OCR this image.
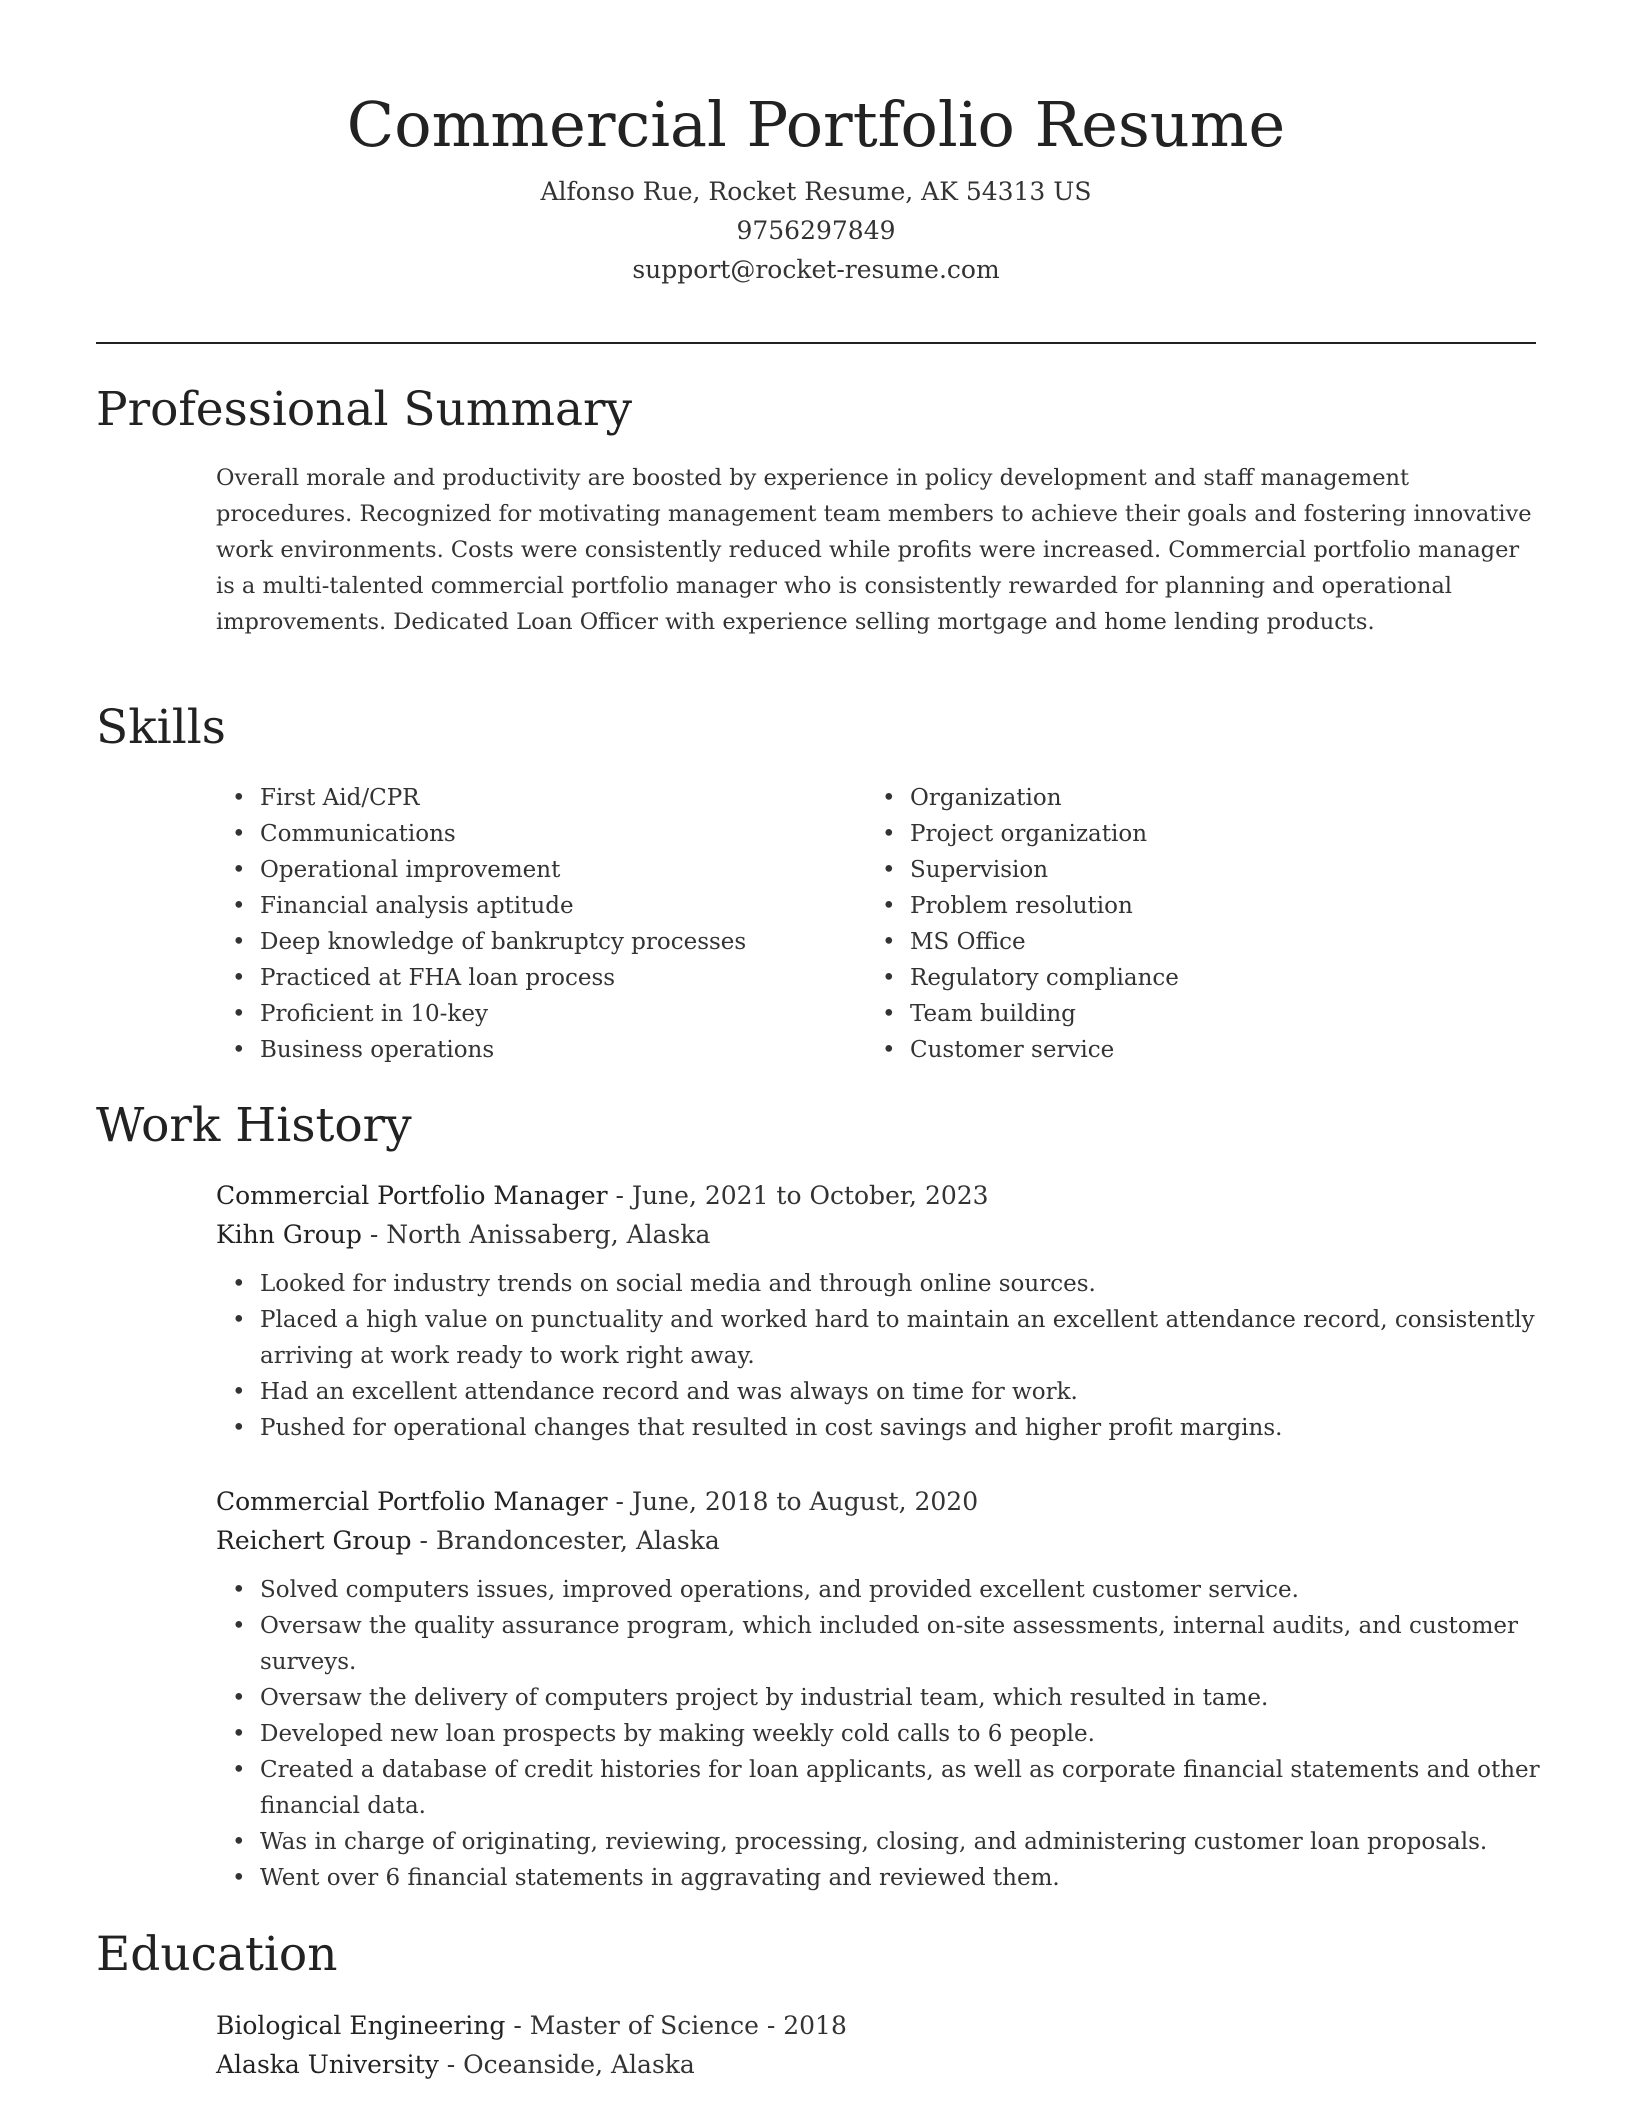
Commercial Portfolio Resume
Alfonso Rue, Rocket Resume, AK 54313 US
9756297849
support@rocket-resume.com
Professional Summary

Overall morale and productivity are boosted by experience in policy development and staff management procedures. Recognized for motivating management team members to achieve their goals and fostering innovative work environments. Costs were consistently reduced while profits were increased. Commercial portfolio manager is a multi-talented commercial portfolio manager who is consistently rewarded for planning and operational improvements. Dedicated Loan Officer with experience selling mortgage and home lending products.

Skills
• First Aid/CPR
• Communications
• Operational improvement
• Financial analysis aptitude
• Deep knowledge of bankruptcy processes
• Practiced at FHA loan process
• Proficient in 10-key
• Business operations
• Organization
• Project organization
• Supervision
• Problem resolution
• MS Office
• Regulatory compliance
• Team building
• Customer service
Work History
Commercial Portfolio Manager - June, 2021 to October, 2023
Kihn Group - North Anissaberg, Alaska
• Looked for industry trends on social media and through online sources.
• Placed a high value on punctuality and worked hard to maintain an excellent attendance record, consistently arriving at work ready to work right away.
• Had an excellent attendance record and was always on time for work.
• Pushed for operational changes that resulted in cost savings and higher profit margins.
Commercial Portfolio Manager - June, 2018 to August, 2020
Reichert Group - Brandoncester, Alaska
• Solved computers issues, improved operations, and provided excellent customer service.
• Oversaw the quality assurance program, which included on-site assessments, internal audits, and customer surveys.
• Oversaw the delivery of computers project by industrial team, which resulted in tame.
• Developed new loan prospects by making weekly cold calls to 6 people.
• Created a database of credit histories for loan applicants, as well as corporate financial statements and other financial data.
• Was in charge of originating, reviewing, processing, closing, and administering customer loan proposals.
• Went over 6 financial statements in aggravating and reviewed them.
Education
Biological Engineering - Master of Science - 2018
Alaska University - Oceanside, Alaska
